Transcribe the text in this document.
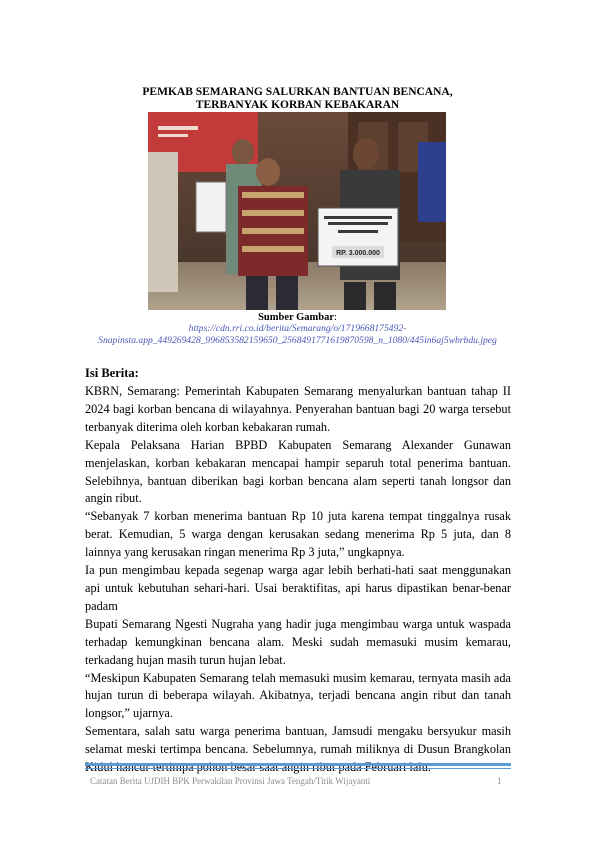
PEMKAB SEMARANG SALURKAN BANTUAN BENCANA,
TERBANYAK KORBAN KEBAKARAN
RP. 3.000.000
Sumber Gambar:
https://cdn.rri.co.id/berita/Semarang/o/1719668175492-
Snapinsta.app_449269428_996853582159650_2568491771619870598_n_1080/445in6aj5wbrbdu.jpeg
Isi Berita:

KBRN, Semarang: Pemerintah Kabupaten Semarang menyalurkan bantuan tahap II 2024 bagi korban bencana di wilayahnya. Penyerahan bantuan bagi 20 warga tersebut terbanyak diterima oleh korban kebakaran rumah.

Kepala Pelaksana Harian BPBD Kabupaten Semarang Alexander Gunawan menjelaskan, korban kebakaran mencapai hampir separuh total penerima bantuan. Selebihnya, bantuan diberikan bagi korban bencana alam seperti tanah longsor dan angin ribut.

“Sebanyak 7 korban menerima bantuan Rp 10 juta karena tempat tinggalnya rusak berat. Kemudian, 5 warga dengan kerusakan sedang menerima Rp 5 juta, dan 8 lainnya yang kerusakan ringan menerima Rp 3 juta,” ungkapnya.

Ia pun mengimbau kepada segenap warga agar lebih berhati-hati saat menggunakan api untuk kebutuhan sehari-hari. Usai beraktifitas, api harus dipastikan benar-benar padam

Bupati Semarang Ngesti Nugraha yang hadir juga mengimbau warga untuk waspada terhadap kemungkinan bencana alam. Meski sudah memasuki musim kemarau, terkadang hujan masih turun hujan lebat.

“Meskipun Kabupaten Semarang telah memasuki musim kemarau, ternyata masih ada hujan turun di beberapa wilayah. Akibatnya, terjadi bencana angin ribut dan tanah longsor,” ujarnya.

Sementara, salah satu warga penerima bantuan, Jamsudi mengaku bersyukur masih selamat meski tertimpa bencana. Sebelumnya, rumah miliknya di Dusun Brangkolan

Catatan Berita UJDIH BPK Perwakilan Provinsi Jawa Tengah/Titik Wijayanti	1
